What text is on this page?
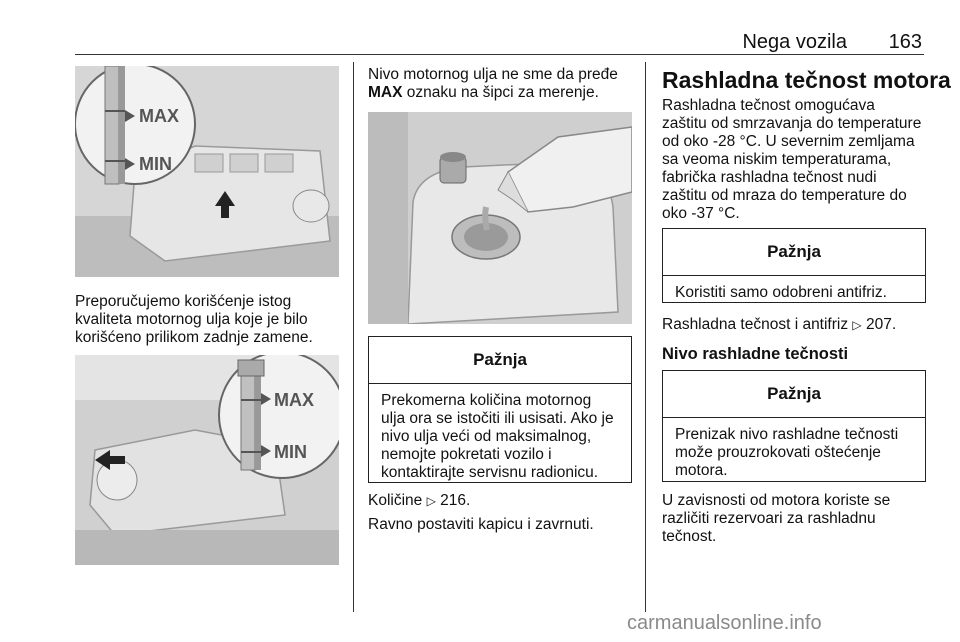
Nega vozila 163
MAX
MIN

Preporučujemo korišćenje istog

kvaliteta motornog ulja koje je bilo

korišćeno prilikom zadnje zamene.

MAX
MIN

Nivo motornog ulja ne sme da pređe

MAX oznaku na šipci za merenje.

Pažnja
Prekomerna količina motornog
ulja ora se istočiti ili usisati. Ako je
nivo ulja veći od maksimalnog,
nemojte pokretati vozilo i
kontaktirajte servisnu radionicu.
Količine ▷ 216.
Ravno postaviti kapicu i zavrnuti.
Rashladna tečnost motora

Rashladna tečnost omogućava

zaštitu od smrzavanja do temperature

od oko -28 °C. U severnim zemljama

sa veoma niskim temperaturama,

fabrička rashladna tečnost nudi

zaštitu od mraza do temperature do

oko -37 °C.

Pažnja
Koristiti samo odobreni antifriz.
Rashladna tečnost i antifriz ▷ 207.
Nivo rashladne tečnosti
Pažnja
Prenizak nivo rashladne tečnosti
može prouzrokovati oštećenje
motora.

U zavisnosti od motora koriste se

različiti rezervoari za rashladnu

tečnost.

carmanualsonline.info
